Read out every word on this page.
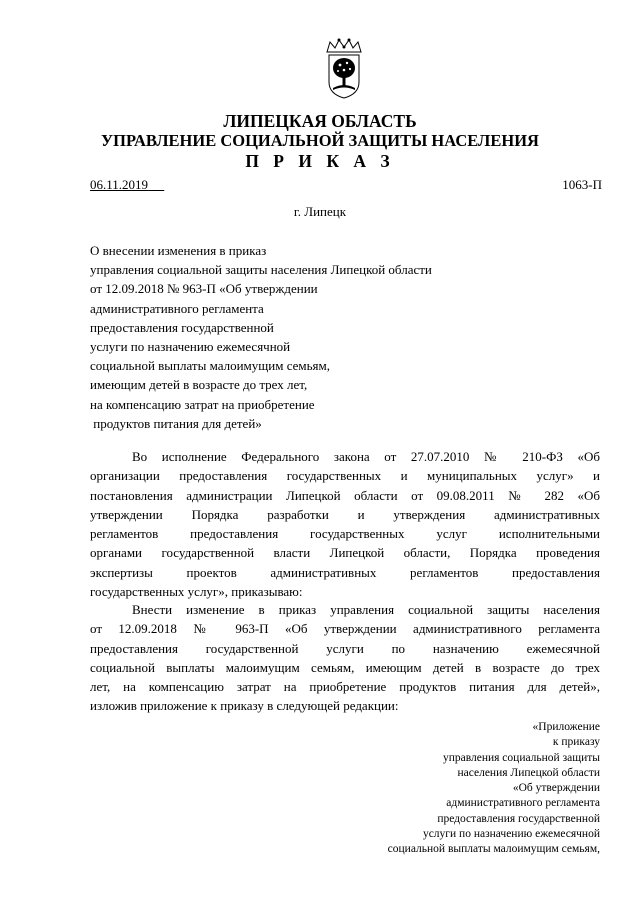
ЛИПЕЦКАЯ ОБЛАСТЬ
УПРАВЛЕНИЕ СОЦИАЛЬНОЙ ЗАЩИТЫ НАСЕЛЕНИЯ
П Р И К А З
06.11.2019	1063-П
г. Липецк
О внесении изменения в приказ
управления социальной защиты населения Липецкой области
от 12.09.2018 № 963-П «Об утверждении
административного регламента
предоставления государственной
услуги по назначению ежемесячной
социальной выплаты малоимущим семьям,
имеющим детей в возрасте до трех лет,
на компенсацию затрат на приобретение
продуктов питания для детей»
Во исполнение Федерального закона от 27.07.2010 № 210-ФЗ «Об
организации предоставления государственных и муниципальных услуг» и
постановления администрации Липецкой области от 09.08.2011 № 282 «Об
утверждении Порядка разработки и утверждения административных
регламентов предоставления государственных услуг исполнительными
органами государственной власти Липецкой области, Порядка проведения
экспертизы проектов административных регламентов предоставления
государственных услуг», приказываю:
Внести изменение в приказ управления социальной защиты населения
от 12.09.2018 № 963-П «Об утверждении административного регламента
предоставления государственной услуги по назначению ежемесячной
социальной выплаты малоимущим семьям, имеющим детей в возрасте до трех
лет, на компенсацию затрат на приобретение продуктов питания для детей»,
изложив приложение к приказу в следующей редакции:
«Приложение
к приказу
управления социальной защиты
населения Липецкой области
«Об утверждении
административного регламента
предоставления государственной
услуги по назначению ежемесячной
социальной выплаты малоимущим семьям,
